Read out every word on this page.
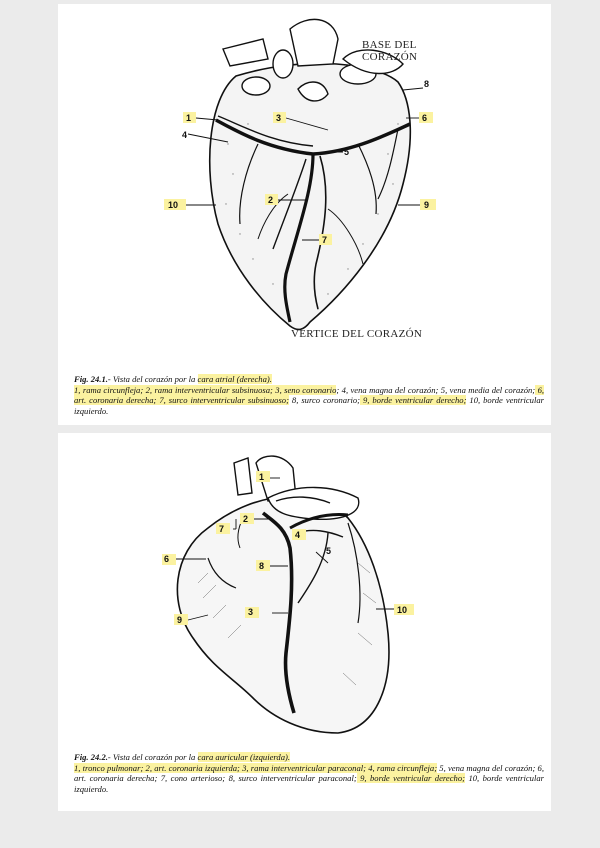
BASE DEL
CORAZÓN
VÉRTICE DEL CORAZÓN
1
2
3
4
5
6
7
8
9
10
Fig. 24.1.- Vista del corazón por la cara atrial (derecha).
1, rama circunfleja; 2, rama interventricular subsinuosa; 3, seno coronario; 4, vena magna del corazón; 5, vena media del corazón; 6, art. coronaria derecha; 7, surco interventricular subsinuoso; 8, surco coronario; 9, borde ventricular derecho; 10, borde ventricular izquierdo.
1
2
3
4
5
6
7
8
9
10
Fig. 24.2.- Vista del corazón por la cara auricular (izquierda).
1, tronco pulmonar; 2, art. coronaria izquierda; 3, rama interventricular paraconal; 4, rama circunfleja; 5, vena magna del corazón; 6, art. coronaria derecha; 7, cono arterioso; 8, surco interventricular paraconal; 9, borde ventricular derecho; 10, borde ventricular izquierdo.
